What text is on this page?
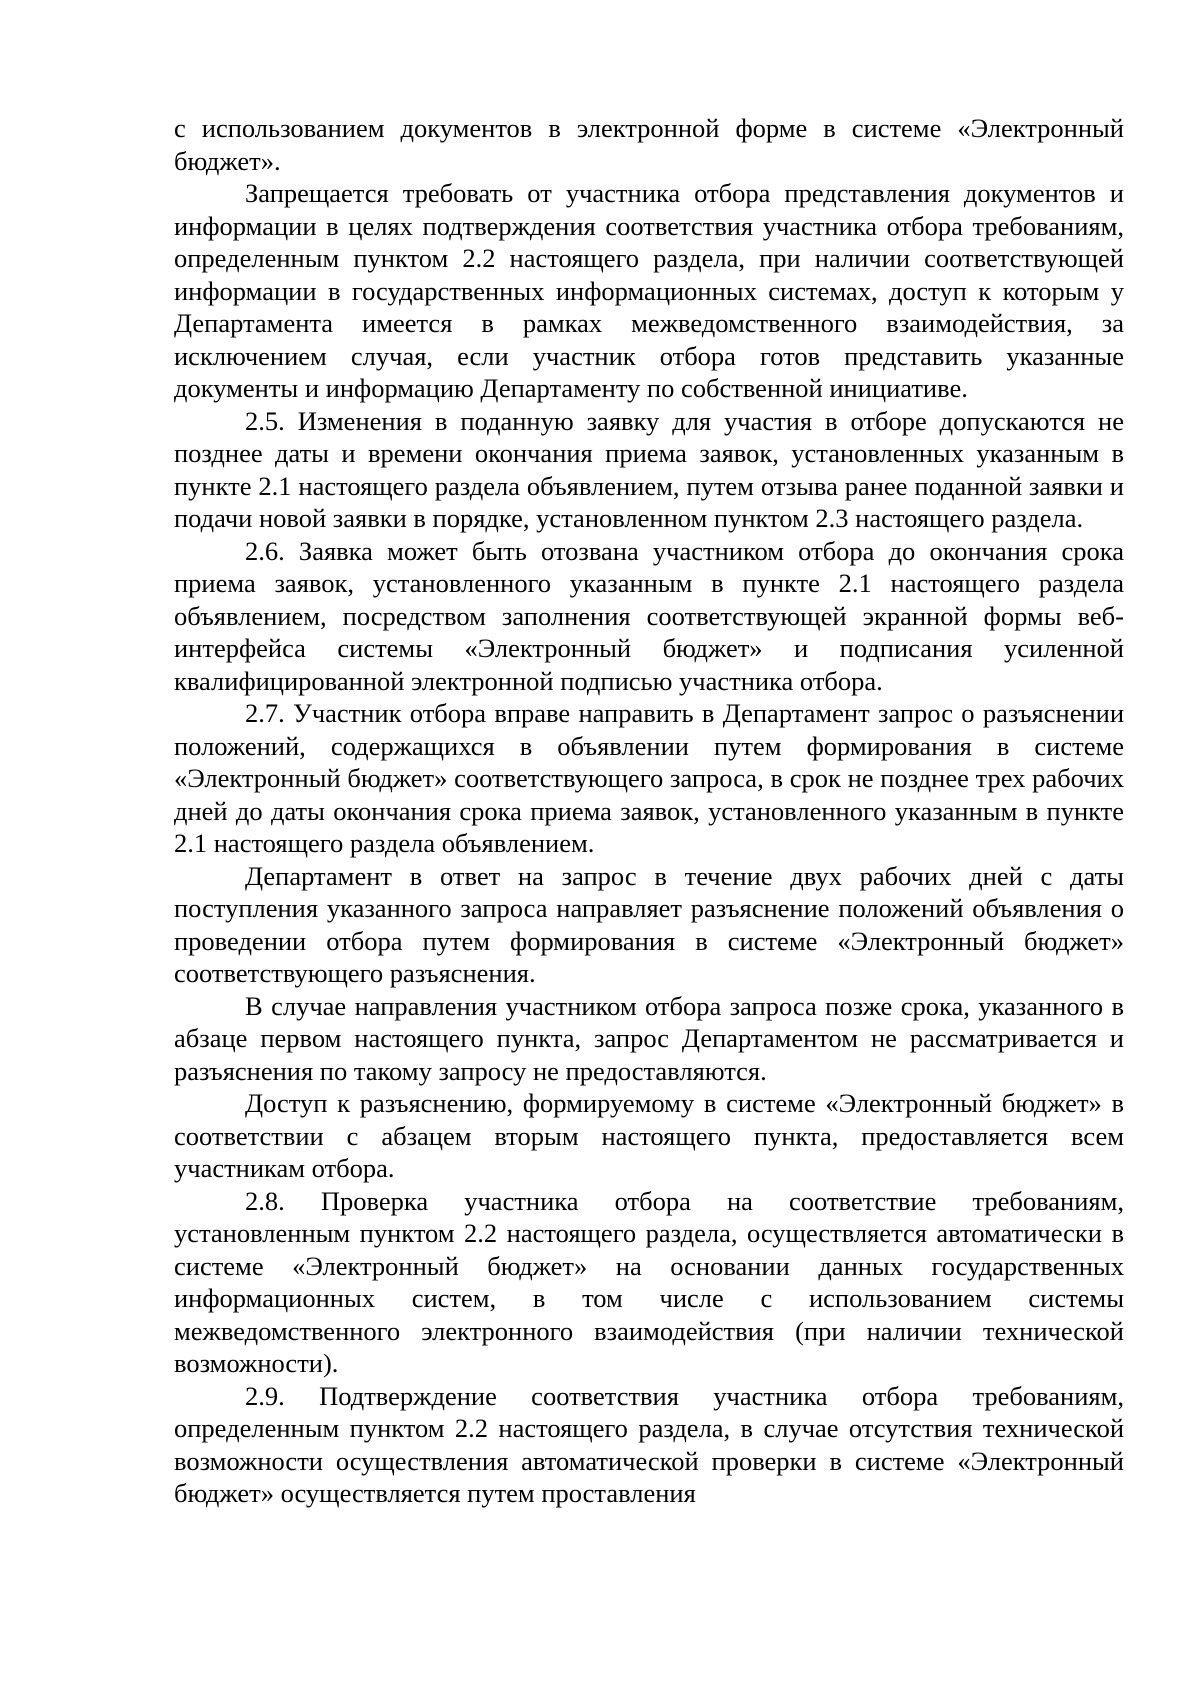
с использованием документов в электронной форме в системе «Электронный бюджет».

Запрещается требовать от участника отбора представления документов и информации в целях подтверждения соответствия участника отбора требованиям, определенным пунктом 2.2 настоящего раздела, при наличии соответствующей информации в государственных информационных системах, доступ к которым у Департамента имеется в рамках межведомственного взаимодействия, за исключением случая, если участник отбора готов представить указанные документы и информацию Департаменту по собственной инициативе.

2.5. Изменения в поданную заявку для участия в отборе допускаются не позднее даты и времени окончания приема заявок, установленных указанным в пункте 2.1 настоящего раздела объявлением, путем отзыва ранее поданной заявки и подачи новой заявки в порядке, установленном пунктом 2.3 настоящего раздела.

2.6. Заявка может быть отозвана участником отбора до окончания срока приема заявок, установленного указанным в пункте 2.1 настоящего раздела объявлением, посредством заполнения соответствующей экранной формы веб-интерфейса системы «Электронный бюджет» и подписания усиленной квалифицированной электронной подписью участника отбора.

2.7. Участник отбора вправе направить в Департамент запрос о разъяснении положений, содержащихся в объявлении путем формирования в системе «Электронный бюджет» соответствующего запроса, в срок не позднее трех рабочих дней до даты окончания срока приема заявок, установленного указанным в пункте 2.1 настоящего раздела объявлением.

Департамент в ответ на запрос в течение двух рабочих дней с даты поступления указанного запроса направляет разъяснение положений объявления о проведении отбора путем формирования в системе «Электронный бюджет» соответствующего разъяснения.

В случае направления участником отбора запроса позже срока, указанного в абзаце первом настоящего пункта, запрос Департаментом не рассматривается и разъяснения по такому запросу не предоставляются.

Доступ к разъяснению, формируемому в системе «Электронный бюджет» в соответствии с абзацем вторым настоящего пункта, предоставляется всем участникам отбора.

2.8. Проверка участника отбора на соответствие требованиям, установленным пунктом 2.2 настоящего раздела, осуществляется автоматически в системе «Электронный бюджет» на основании данных государственных информационных систем, в том числе с использованием системы межведомственного электронного взаимодействия (при наличии технической возможности).

2.9. Подтверждение соответствия участника отбора требованиям, определенным пунктом 2.2 настоящего раздела, в случае отсутствия технической возможности осуществления автоматической проверки в системе «Электронный бюджет» осуществляется путем проставления
